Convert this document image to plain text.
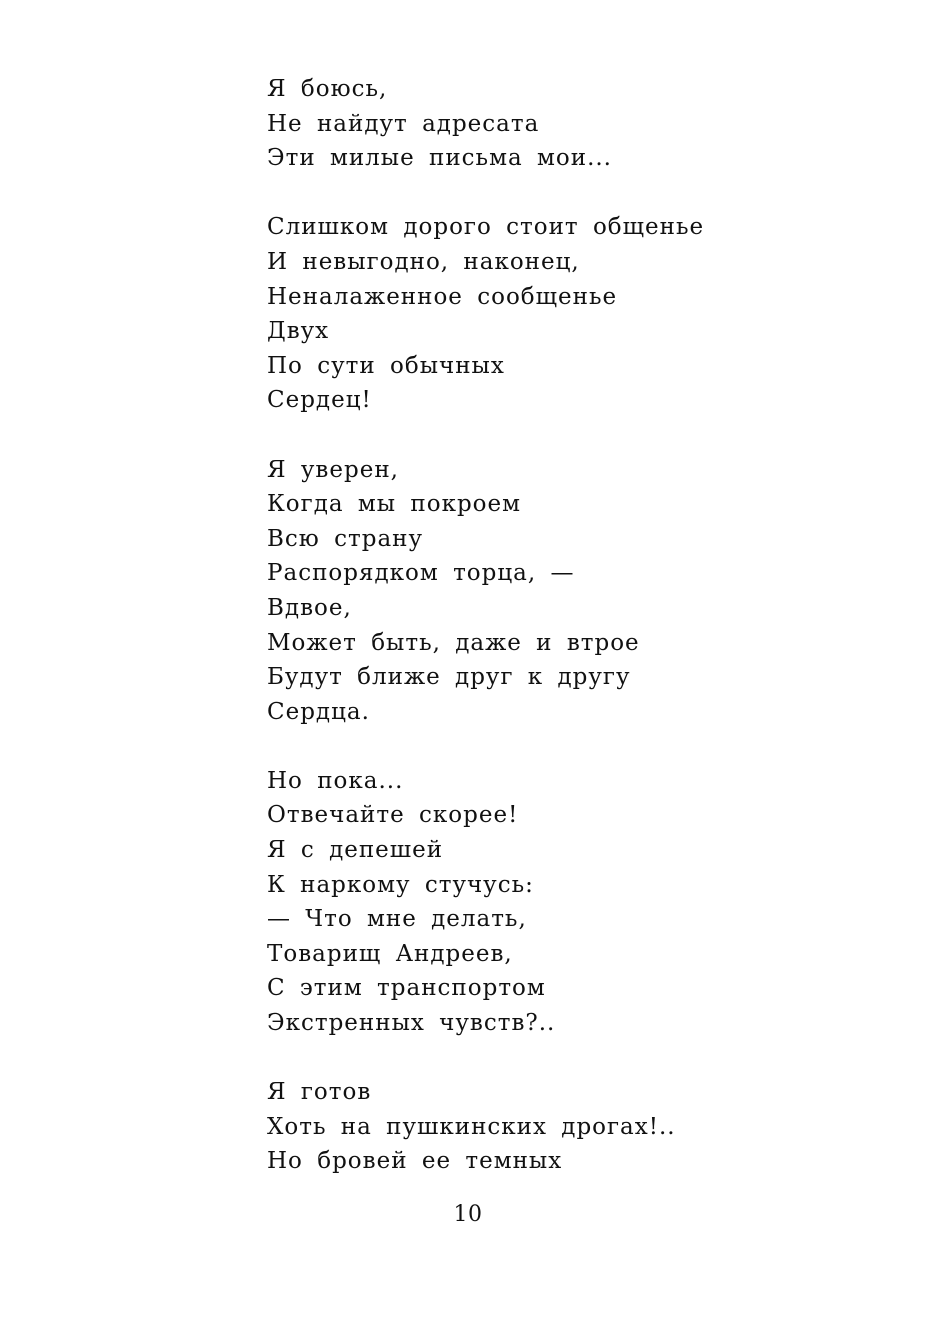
Я боюсь,
Не найдут адресата
Эти милые письма мои...
Слишком дорого стоит общенье
И невыгодно, наконец,
Неналаженное сообщенье
Двух
По сути обычных
Сердец!
Я уверен,
Когда мы покроем
Всю страну
Распорядком торца, —
Вдвое,
Может быть, даже и втрое
Будут ближе друг к другу
Сердца.
Но пока...
Отвечайте скорее!
Я с депешей
К наркому стучусь:
— Что мне делать,
Товарищ Андреев,
С этим транспортом
Экстренных чувств?..
Я готов
Хоть на пушкинских дрогах!..
Но бровей ее темных
10
